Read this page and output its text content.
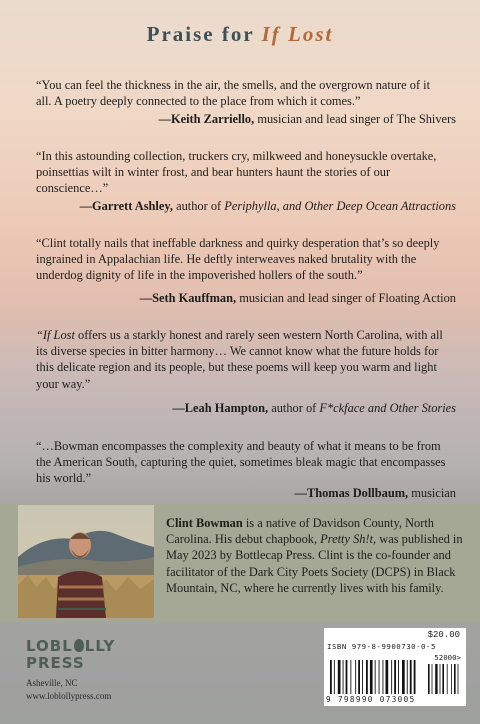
Praise for If Lost

“You can feel the thickness in the air, the smells, and the overgrown nature of it all. A poetry deeply connected to the place from which it comes.”

—Keith Zarriello, musician and lead singer of The Shivers

“In this astounding collection, truckers cry, milkweed and honeysuckle overtake, poinsettias wilt in winter frost, and bear hunters haunt the stories of our conscience…”

—Garrett Ashley, author of Periphylla, and Other Deep Ocean Attractions

“Clint totally nails that ineffable darkness and quirky desperation that’s so deeply ingrained in Appalachian life. He deftly interweaves naked brutality with the underdog dignity of life in the impoverished hollers of the south.”

—Seth Kauffman, musician and lead singer of Floating Action

“If Lost offers us a starkly honest and rarely seen western North Carolina, with all its diverse species in bitter harmony… We cannot know what the future holds for this delicate region and its people, but these poems will keep you warm and light your way.”

—Leah Hampton, author of F*ckface and Other Stories

“…Bowman encompasses the complexity and beauty of what it means to be from the American South, capturing the quiet, sometimes bleak magic that encompasses his world.”

—Thomas Dollbaum, musician

Clint Bowman is a native of Davidson County, North Carolina. His debut chapbook, Pretty Sh!t, was published in May 2023 by Bottlecap Press. Clint is the co-founder and facilitator of the Dark City Poets Society (DCPS) in Black Mountain, NC, where he currently lives with his family.

LOBL LLY
PRESS
Asheville, NC
www.loblollypress.com
$20.00
ISBN 979-8-9900730-0-5
52000>
9 798990 073005
